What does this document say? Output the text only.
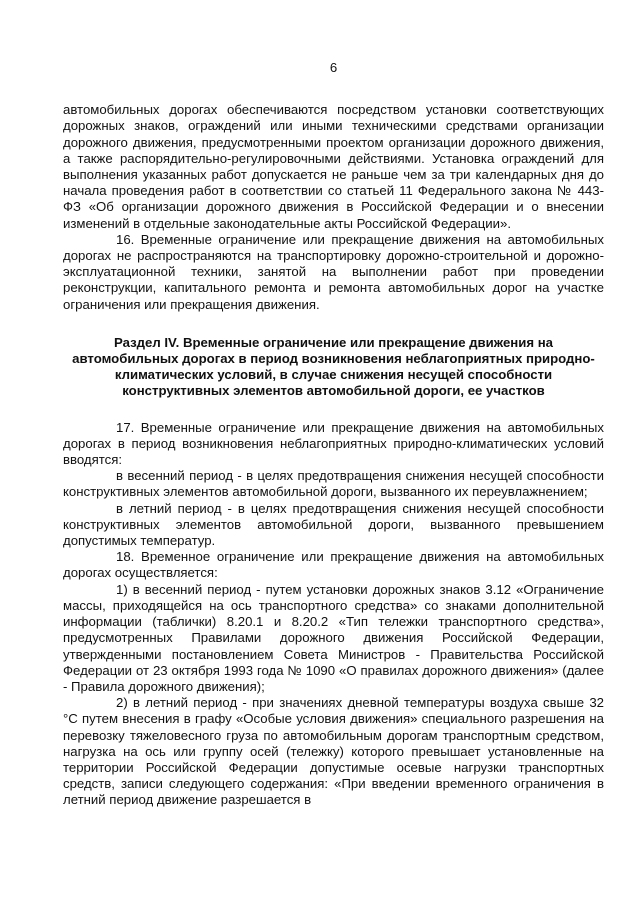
6

автомобильных дорогах обеспечиваются посредством установки соответствующих дорожных знаков, ограждений или иными техническими средствами организации дорожного движения, предусмотренными проектом организации дорожного движения, а также распорядительно-регулировочными действиями. Установка ограждений для выполнения указанных работ допускается не раньше чем за три календарных дня до начала проведения работ в соответствии со статьей 11 Федерального закона № 443-ФЗ «Об организации дорожного движения в Российской Федерации и о внесении изменений в отдельные законодательные акты Российской Федерации».

16. Временные ограничение или прекращение движения на автомобильных дорогах не распространяются на транспортировку дорожно-строительной и дорожно-эксплуатационной техники, занятой на выполнении работ при проведении реконструкции, капитального ремонта и ремонта автомобильных дорог на участке ограничения или прекращения движения.

Раздел IV. Временные ограничение или прекращение движения на автомобильных дорогах в период возникновения неблагоприятных природно-климатических условий, в случае снижения несущей способности конструктивных элементов автомобильной дороги, ее участков

17. Временные ограничение или прекращение движения на автомобильных дорогах в период возникновения неблагоприятных природно-климатических условий вводятся:

в весенний период - в целях предотвращения снижения несущей способности конструктивных элементов автомобильной дороги, вызванного их переувлажнением;

в летний период - в целях предотвращения снижения несущей способности конструктивных элементов автомобильной дороги, вызванного превышением допустимых температур.

18. Временное ограничение или прекращение движения на автомобильных дорогах осуществляется:

1) в весенний период - путем установки дорожных знаков 3.12 «Ограничение массы, приходящейся на ось транспортного средства» со знаками дополнительной информации (таблички) 8.20.1 и 8.20.2 «Тип тележки транспортного средства», предусмотренных Правилами дорожного движения Российской Федерации, утвержденными постановлением Совета Министров - Правительства Российской Федерации от 23 октября 1993 года № 1090 «О правилах дорожного движения» (далее - Правила дорожного движения);

2) в летний период - при значениях дневной температуры воздуха свыше 32 °С путем внесения в графу «Особые условия движения» специального разрешения на перевозку тяжеловесного груза по автомобильным дорогам транспортным средством, нагрузка на ось или группу осей (тележку) которого превышает установленные на территории Российской Федерации допустимые осевые нагрузки транспортных средств, записи следующего содержания: «При введении временного ограничения в летний период движение разрешается в
